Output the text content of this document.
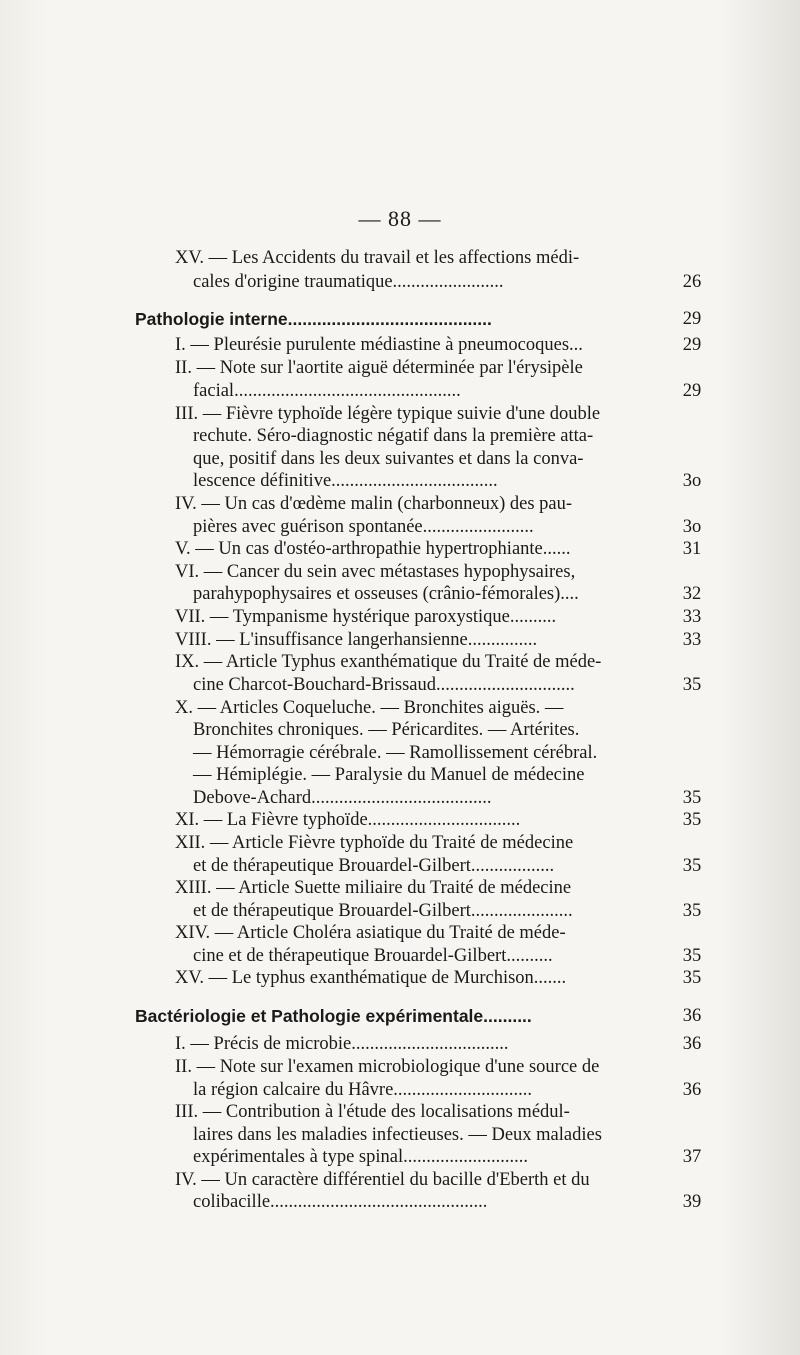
— 88 —
XV. — Les Accidents du travail et les affections médi-
cales d'origine traumatique........................	26
Pathologie interne..........................................	29
I. — Pleurésie purulente médiastine à pneumocoques...	29
II. — Note sur l'aortite aiguë déterminée par l'érysipèle
facial.................................................	29
III. — Fièvre typhoïde légère typique suivie d'une double
rechute. Séro-diagnostic négatif dans la première atta-
que, positif dans les deux suivantes et dans la conva-
lescence définitive....................................	3o
IV. — Un cas d'œdème malin (charbonneux) des pau-
pières avec guérison spontanée........................	3o
V. — Un cas d'ostéo-arthropathie hypertrophiante......	31
VI. — Cancer du sein avec métastases hypophysaires,
parahypophysaires et osseuses (crânio-fémorales)....	32
VII. — Tympanisme hystérique paroxystique..........	33
VIII. — L'insuffisance langerhansienne...............	33
IX. — Article Typhus exanthématique du Traité de méde-
cine Charcot-Bouchard-Brissaud..............................	35
X. — Articles Coqueluche. — Bronchites aiguës. —
Bronchites chroniques. — Péricardites. — Artérites.
— Hémorragie cérébrale. — Ramollissement cérébral.
— Hémiplégie. — Paralysie du Manuel de médecine
Debove-Achard.......................................	35
XI. — La Fièvre typhoïde.................................	35
XII. — Article Fièvre typhoïde du Traité de médecine
et de thérapeutique Brouardel-Gilbert..................	35
XIII. — Article Suette miliaire du Traité de médecine
et de thérapeutique Brouardel-Gilbert......................	35
XIV. — Article Choléra asiatique du Traité de méde-
cine et de thérapeutique Brouardel-Gilbert..........	35
XV. — Le typhus exanthématique de Murchison.......	35
Bactériologie et Pathologie expérimentale..........	36
I. — Précis de microbie..................................	36
II. — Note sur l'examen microbiologique d'une source de
la région calcaire du Hâvre..............................	36
III. — Contribution à l'étude des localisations médul-
laires dans les maladies infectieuses. — Deux maladies
expérimentales à type spinal...........................	37
IV. — Un caractère différentiel du bacille d'Eberth et du
colibacille...............................................	39
